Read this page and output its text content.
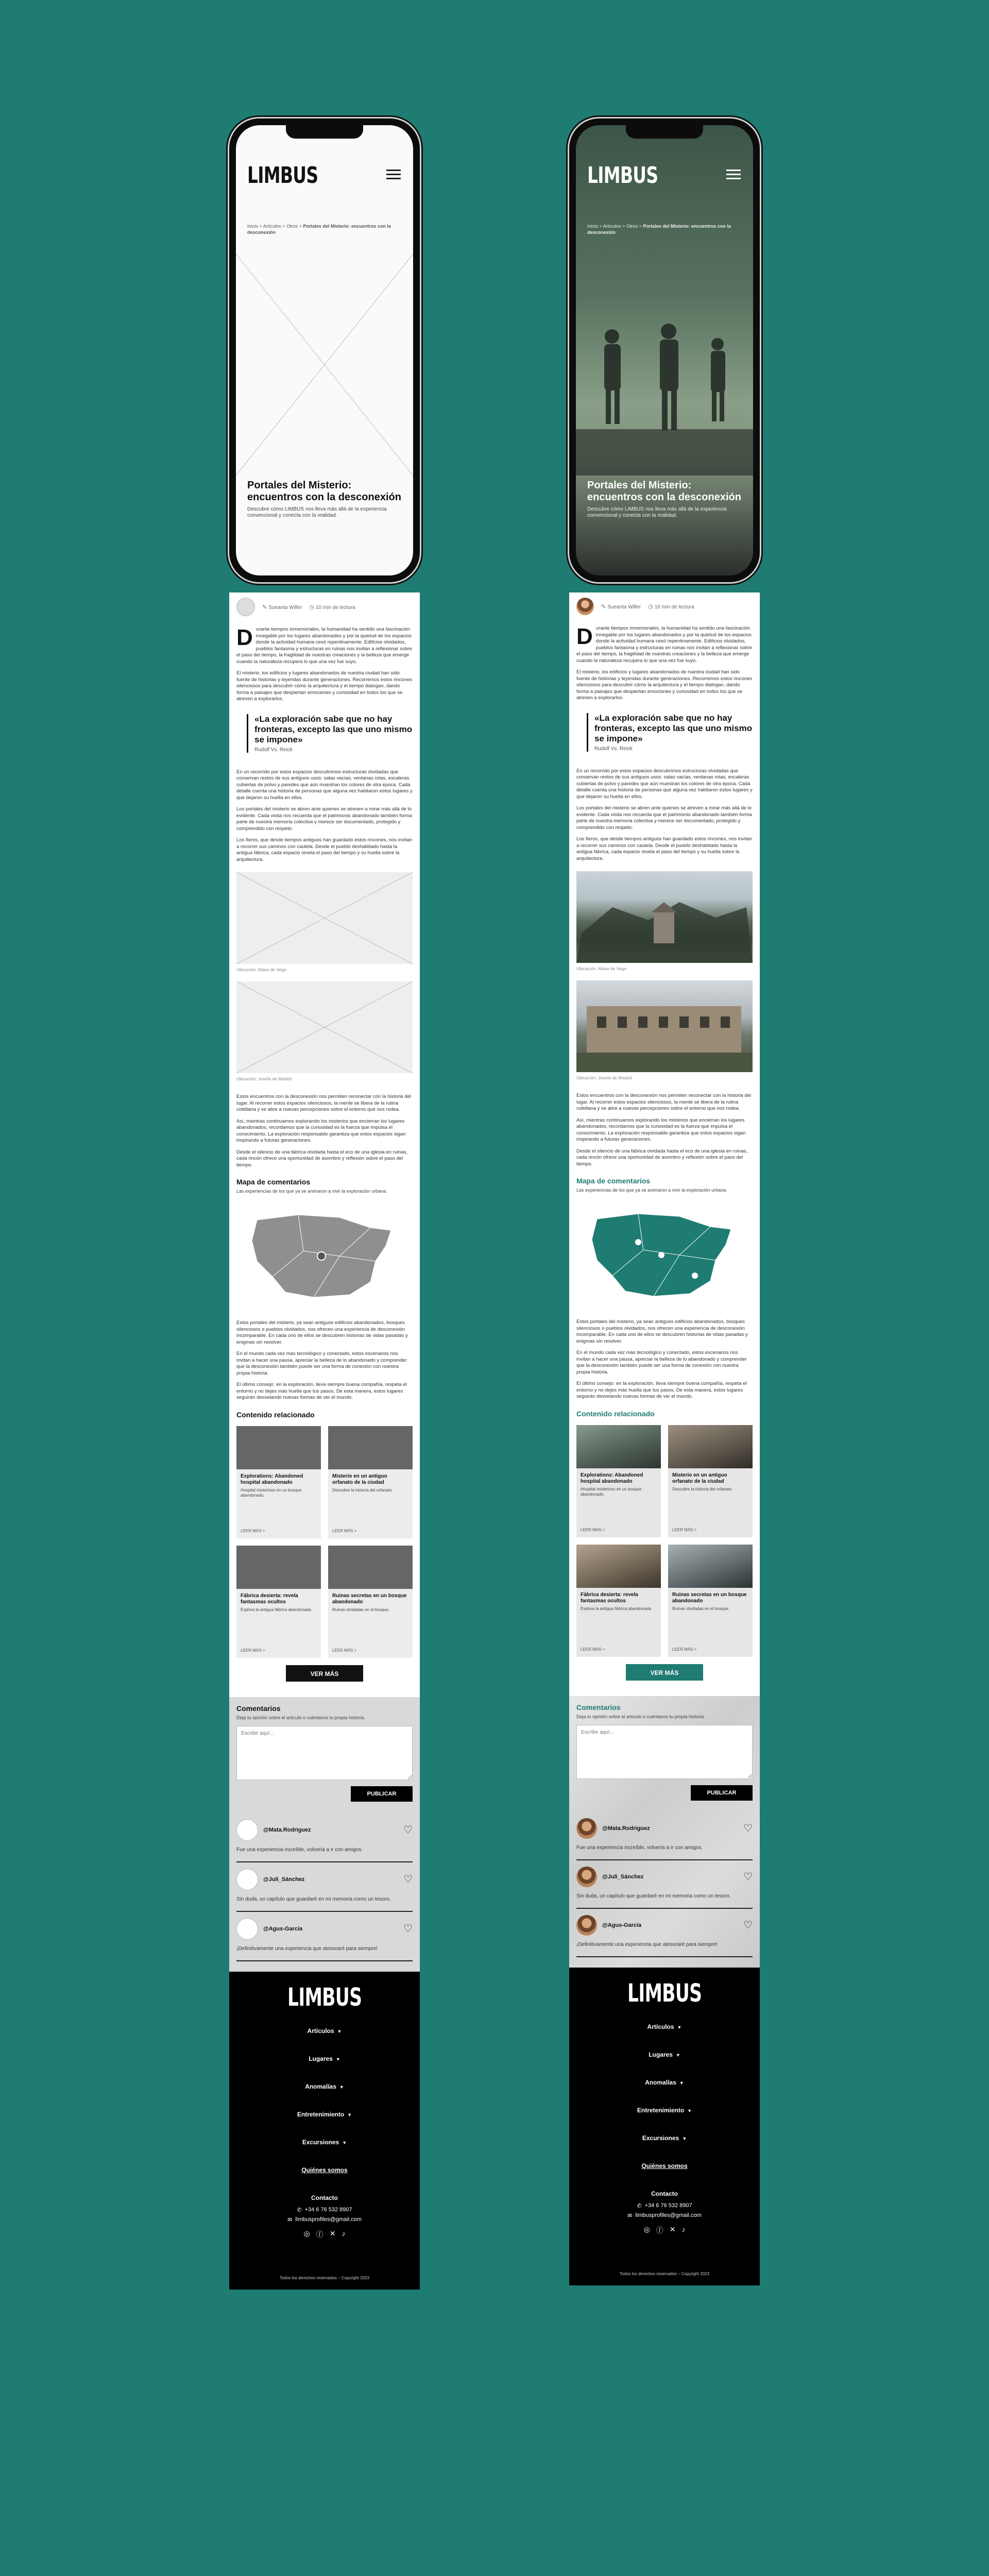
LIMBUS
Inicio > Artículos > Otros > Portales del Misterio: encuentros con la desconexión
Portales del Misterio: encuentros con la desconexión
Descubre cómo LIMBUS nos lleva más allá de la experiencia convencional y conecta con la realidad.
✎ Sueanta Willer ◷ 10 min de lectura

Durante tiempos inmemoriales, la humanidad ha sentido una fascinación innegable por los lugares abandonados y por la quietud de los espacios donde la actividad humana cesó repentinamente. Edificios olvidados, pueblos fantasma y estructuras en ruinas nos invitan a reflexionar sobre el paso del tiempo, la fragilidad de nuestras creaciones y la belleza que emerge cuando la naturaleza recupera lo que una vez fue suyo.

El misterio, los edificios y lugares abandonados de nuestra ciudad han sido fuente de historias y leyendas durante generaciones. Recorremos estos rincones silenciosos para descubrir cómo la arquitectura y el tiempo dialogan, dando forma a paisajes que despiertan emociones y curiosidad en todos los que se atreven a explorarlos.

«La exploración sabe que no hay fronteras, excepto las que uno mismo se impone»
Rudolf Vs. Reick

En un recorrido por estos espacios descubrimos estructuras olvidadas que conservan restos de sus antiguos usos: salas vacías, ventanas rotas, escaleras cubiertas de polvo y paredes que aún muestran los colores de otra época. Cada detalle cuenta una historia de personas que alguna vez habitaron estos lugares y que dejaron su huella en ellos.

Los portales del misterio se abren ante quienes se atreven a mirar más allá de lo evidente. Cada visita nos recuerda que el patrimonio abandonado también forma parte de nuestra memoria colectiva y merece ser documentado, protegido y comprendido con respeto.

Los fieros, que desde tiempos antiguos han guardado estos rincones, nos invitan a recorrer sus caminos con cautela. Desde el pueblo deshabitado hasta la antigua fábrica, cada espacio revela el paso del tiempo y su huella sobre la arquitectura.

Ubicación: Aldea de Vega
Ubicación: Josefa de Madrid

Estos encuentros con la desconexión nos permiten reconectar con la historia del lugar. Al recorrer estos espacios silenciosos, la mente se libera de la rutina cotidiana y se abre a nuevas percepciones sobre el entorno que nos rodea.

Así, mientras continuamos explorando los misterios que encierran los lugares abandonados, recordamos que la curiosidad es la fuerza que impulsa el conocimiento. La exploración responsable garantiza que estos espacios sigan inspirando a futuras generaciones.

Desde el silencio de una fábrica olvidada hasta el eco de una iglesia en ruinas, cada rincón ofrece una oportunidad de asombro y reflexión sobre el paso del tiempo.

Mapa de comentarios
Las experiencias de los que ya se animaron a vivir la exploración urbana.

Estos portales del misterio, ya sean antiguos edificios abandonados, bosques silenciosos o pueblos olvidados, nos ofrecen una experiencia de desconexión incomparable. En cada uno de ellos se descubren historias de vidas pasadas y enigmas sin resolver.

En el mundo cada vez más tecnológico y conectado, estos escenarios nos invitan a hacer una pausa, apreciar la belleza de lo abandonado y comprender que la desconexión también puede ser una forma de conexión con nuestra propia historia.

El último consejo: en la exploración, lleva siempre buena compañía, respeta el entorno y no dejes más huella que tus pasos. De esta manera, estos lugares seguirán desvelando nuevas formas de ver el mundo.

Contenido relacionado
Explorations: Abandoned hospital abandonado
Hospital misterioso en un bosque abandonado.
LEER MÁS >
Misterio en un antiguo orfanato de la ciudad
Descubre la historia del orfanato.
LEER MÁS >
Fábrica desierta: revela fantasmas ocultos
Explora la antigua fábrica abandonada.
LEER MÁS >
Ruinas secretas en un bosque abandonado
Ruinas olvidadas en el bosque.
LEER MÁS >
VER MÁS
Comentarios
Deja tu opinión sobre el artículo o cuéntanos tu propia historia.
Escribe aquí...
PUBLICAR
@Mata.Rodriguez	♡
Fue una experiencia increíble, volvería a ir con amigos.
@Juli_Sánchez	♡
Sin duda, un capítulo que guardaré en mi memoria como un tesoro.
@Agus-García	♡
¡Definitivamente una experiencia que atesoraré para siempre!
LIMBUS
Artículos ▼
Lugares ▼
Anomalías ▼
Entretenimiento ▼
Excursiones ▼
Quiénes somos
Contacto
✆ +34 6 76 532 8907
✉ limbusprofiles@gmail.com
◎ ⓕ ✕ ♪
Todos los derechos reservados – Copyright 2023
LIMBUS
Inicio > Artículos > Otros > Portales del Misterio: encuentros con la desconexión
Portales del Misterio: encuentros con la desconexión
Descubre cómo LIMBUS nos lleva más allá de la experiencia convencional y conecta con la realidad.
✎ Sueanta Willer ◷ 10 min de lectura

Durante tiempos inmemoriales, la humanidad ha sentido una fascinación innegable por los lugares abandonados y por la quietud de los espacios donde la actividad humana cesó repentinamente. Edificios olvidados, pueblos fantasma y estructuras en ruinas nos invitan a reflexionar sobre el paso del tiempo, la fragilidad de nuestras creaciones y la belleza que emerge cuando la naturaleza recupera lo que una vez fue suyo.

El misterio, los edificios y lugares abandonados de nuestra ciudad han sido fuente de historias y leyendas durante generaciones. Recorremos estos rincones silenciosos para descubrir cómo la arquitectura y el tiempo dialogan, dando forma a paisajes que despiertan emociones y curiosidad en todos los que se atreven a explorarlos.

«La exploración sabe que no hay fronteras, excepto las que uno mismo se impone»
Rudolf Vs. Reick

En un recorrido por estos espacios descubrimos estructuras olvidadas que conservan restos de sus antiguos usos: salas vacías, ventanas rotas, escaleras cubiertas de polvo y paredes que aún muestran los colores de otra época. Cada detalle cuenta una historia de personas que alguna vez habitaron estos lugares y que dejaron su huella en ellos.

Los portales del misterio se abren ante quienes se atreven a mirar más allá de lo evidente. Cada visita nos recuerda que el patrimonio abandonado también forma parte de nuestra memoria colectiva y merece ser documentado, protegido y comprendido con respeto.

Los fieros, que desde tiempos antiguos han guardado estos rincones, nos invitan a recorrer sus caminos con cautela. Desde el pueblo deshabitado hasta la antigua fábrica, cada espacio revela el paso del tiempo y su huella sobre la arquitectura.

Ubicación: Aldea de Vega
Ubicación: Josefa de Madrid

Estos encuentros con la desconexión nos permiten reconectar con la historia del lugar. Al recorrer estos espacios silenciosos, la mente se libera de la rutina cotidiana y se abre a nuevas percepciones sobre el entorno que nos rodea.

Así, mientras continuamos explorando los misterios que encierran los lugares abandonados, recordamos que la curiosidad es la fuerza que impulsa el conocimiento. La exploración responsable garantiza que estos espacios sigan inspirando a futuras generaciones.

Desde el silencio de una fábrica olvidada hasta el eco de una iglesia en ruinas, cada rincón ofrece una oportunidad de asombro y reflexión sobre el paso del tiempo.

Mapa de comentarios
Las experiencias de los que ya se animaron a vivir la exploración urbana.

Estos portales del misterio, ya sean antiguos edificios abandonados, bosques silenciosos o pueblos olvidados, nos ofrecen una experiencia de desconexión incomparable. En cada uno de ellos se descubren historias de vidas pasadas y enigmas sin resolver.

En el mundo cada vez más tecnológico y conectado, estos escenarios nos invitan a hacer una pausa, apreciar la belleza de lo abandonado y comprender que la desconexión también puede ser una forma de conexión con nuestra propia historia.

El último consejo: en la exploración, lleva siempre buena compañía, respeta el entorno y no dejes más huella que tus pasos. De esta manera, estos lugares seguirán desvelando nuevas formas de ver el mundo.

Contenido relacionado
Explorations: Abandoned hospital abandonado
Hospital misterioso en un bosque abandonado.
LEER MÁS >
Misterio en un antiguo orfanato de la ciudad
Descubre la historia del orfanato.
LEER MÁS >
Fábrica desierta: revela fantasmas ocultos
Explora la antigua fábrica abandonada.
LEER MÁS >
Ruinas secretas en un bosque abandonado
Ruinas olvidadas en el bosque.
LEER MÁS >
VER MÁS
Comentarios
Deja tu opinión sobre el artículo o cuéntanos tu propia historia.
Escribe aquí...
PUBLICAR
@Mata.Rodriguez	♡
Fue una experiencia increíble, volvería a ir con amigos.
@Juli_Sánchez	♡
Sin duda, un capítulo que guardaré en mi memoria como un tesoro.
@Agus-García	♡
¡Definitivamente una experiencia que atesoraré para siempre!
LIMBUS
Artículos ▼
Lugares ▼
Anomalías ▼
Entretenimiento ▼
Excursiones ▼
Quiénes somos
Contacto
✆ +34 6 76 532 8907
✉ limbusprofiles@gmail.com
◎ ⓕ ✕ ♪
Todos los derechos reservados – Copyright 2023
